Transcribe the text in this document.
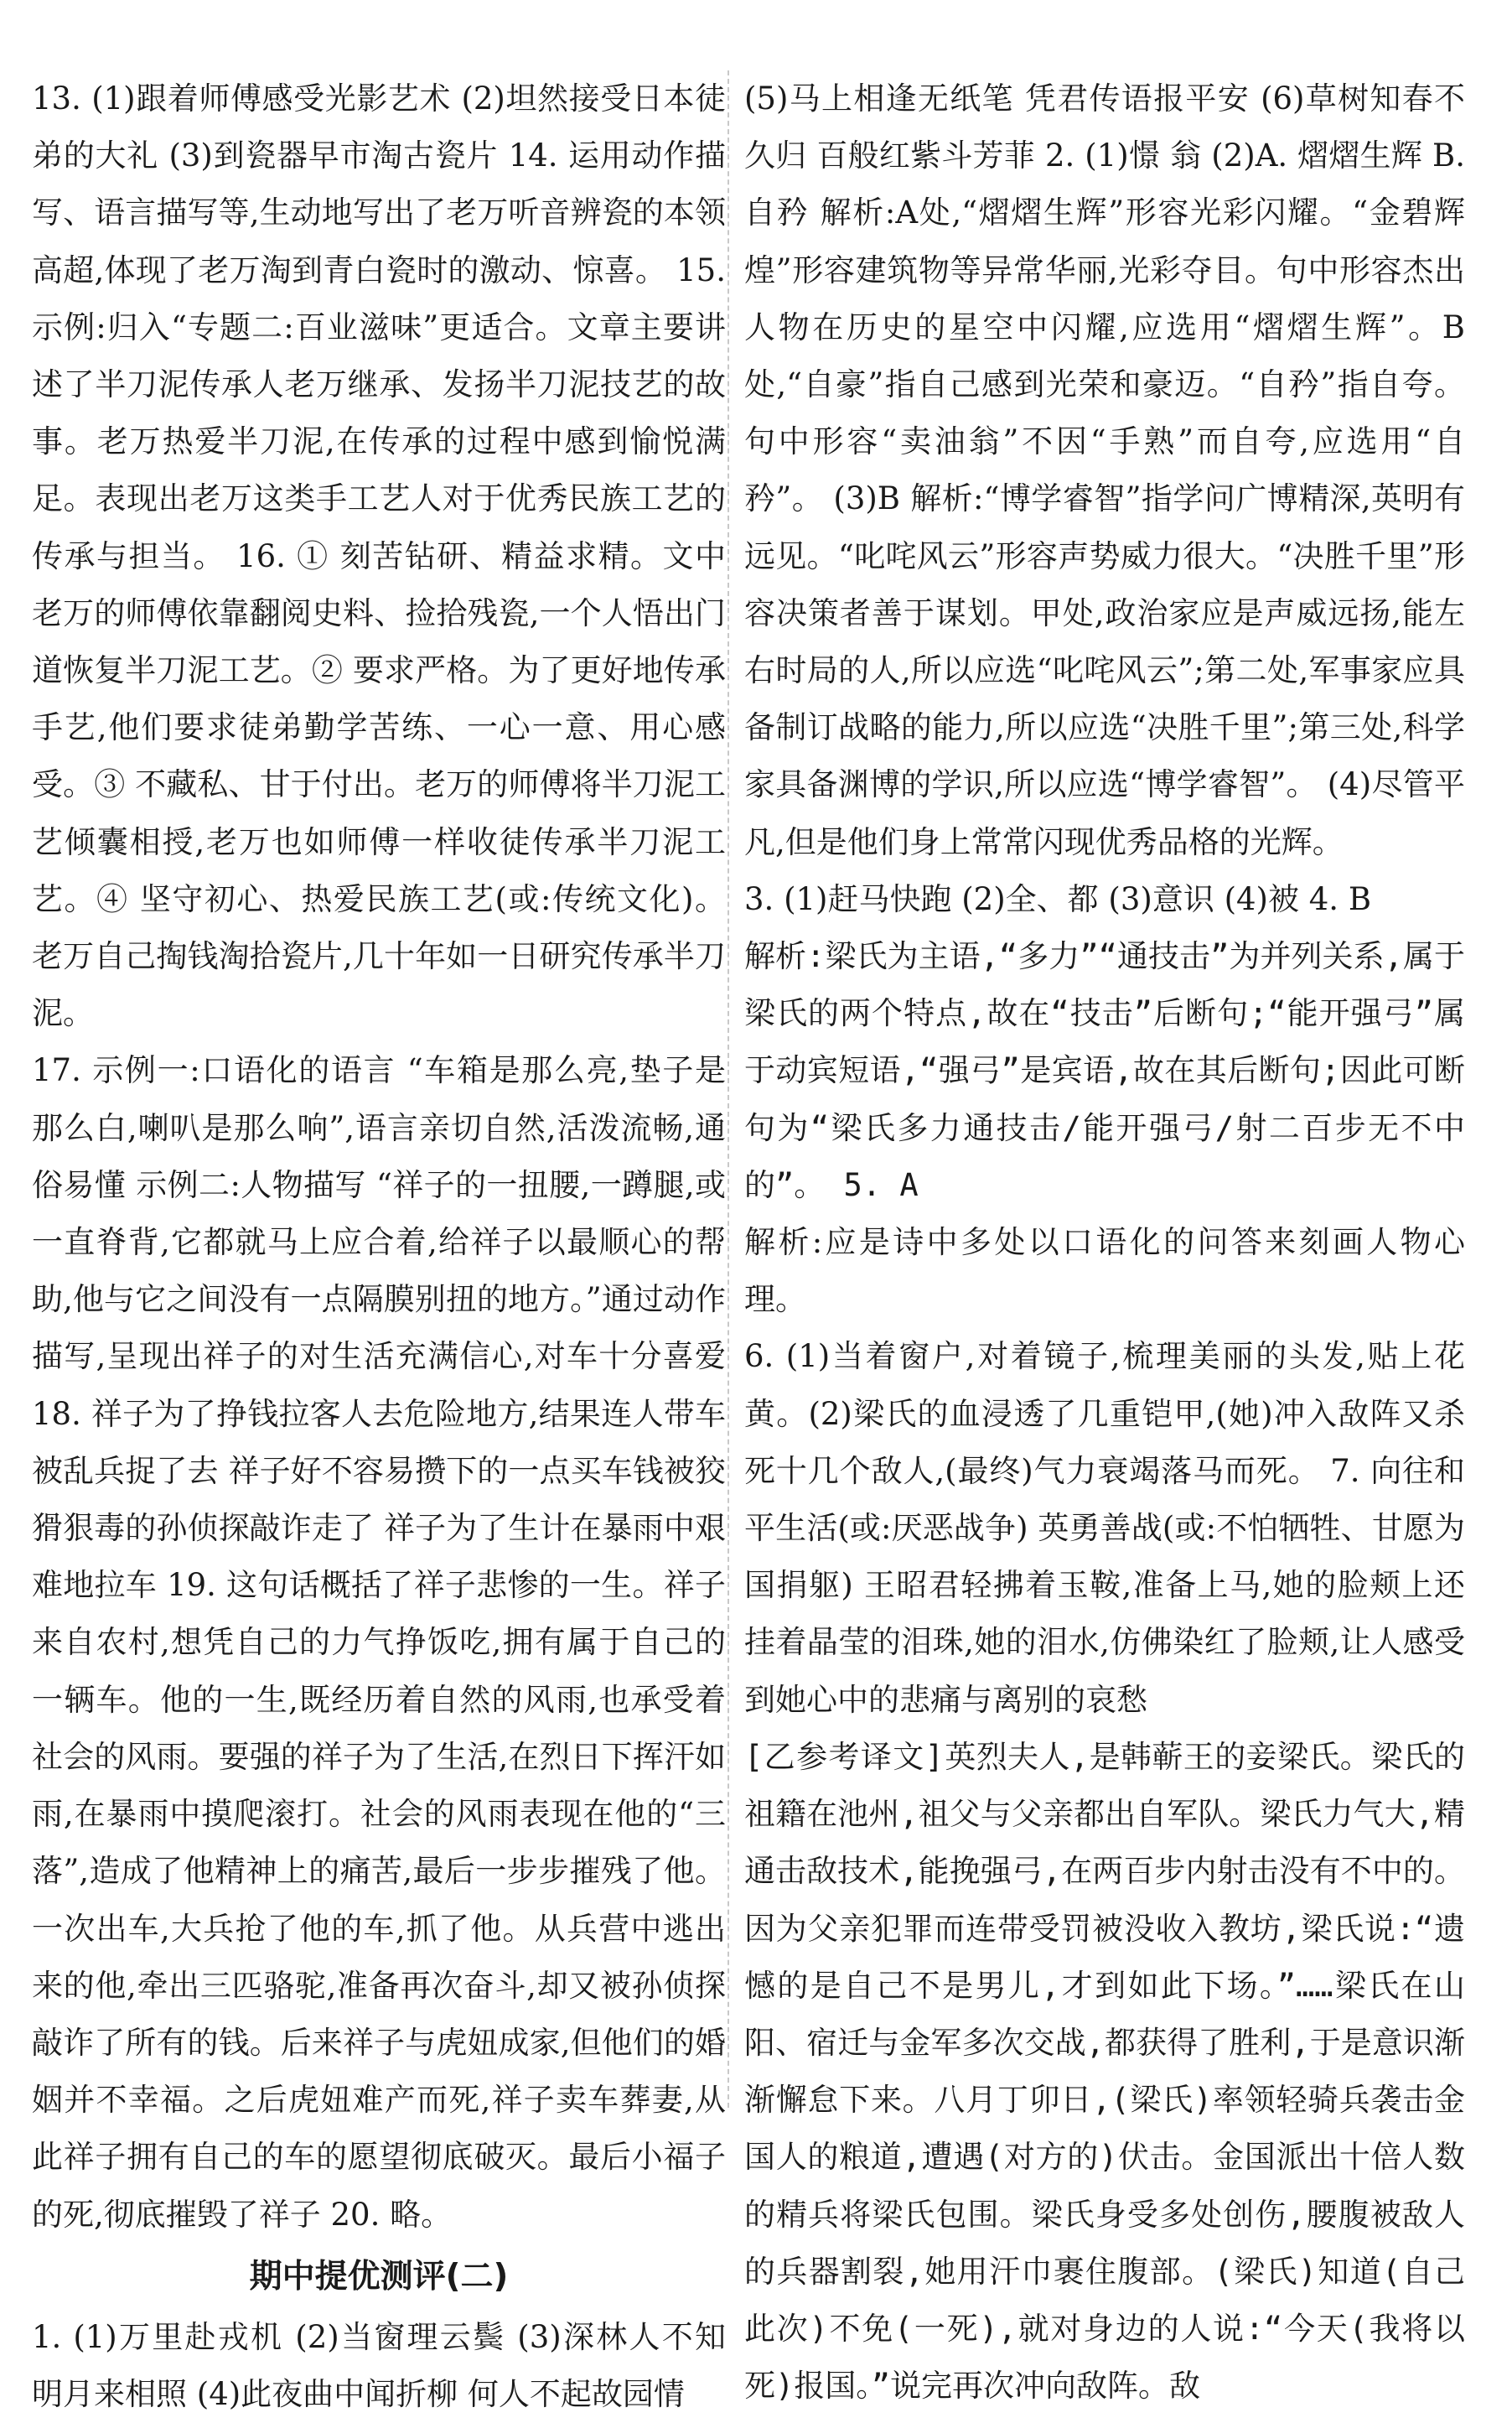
13. (1)跟着师傅感受光影艺术 (2)坦然接受日本徒弟的大礼 (3)到瓷器早市淘古瓷片 14. 运用动作描写、语言描写等,生动地写出了老万听音辨瓷的本领高超,体现了老万淘到青白瓷时的激动、惊喜。 15. 示例:归入“专题二:百业滋味”更适合。文章主要讲述了半刀泥传承人老万继承、发扬半刀泥技艺的故事。老万热爱半刀泥,在传承的过程中感到愉悦满足。表现出老万这类手工艺人对于优秀民族工艺的传承与担当。 16. ① 刻苦钻研、精益求精。文中老万的师傅依靠翻阅史料、捡拾残瓷,一个人悟出门道恢复半刀泥工艺。② 要求严格。为了更好地传承手艺,他们要求徒弟勤学苦练、一心一意、用心感受。③ 不藏私、甘于付出。老万的师傅将半刀泥工艺倾囊相授,老万也如师傅一样收徒传承半刀泥工艺。④ 坚守初心、热爱民族工艺(或:传统文化)。老万自己掏钱淘拾瓷片,几十年如一日研究传承半刀泥。

17. 示例一:口语化的语言 “车箱是那么亮,垫子是那么白,喇叭是那么响”,语言亲切自然,活泼流畅,通俗易懂 示例二:人物描写 “祥子的一扭腰,一蹲腿,或一直脊背,它都就马上应合着,给祥子以最顺心的帮助,他与它之间没有一点隔膜别扭的地方。”通过动作描写,呈现出祥子的对生活充满信心,对车十分喜爱 18. 祥子为了挣钱拉客人去危险地方,结果连人带车被乱兵捉了去 祥子好不容易攒下的一点买车钱被狡猾狠毒的孙侦探敲诈走了 祥子为了生计在暴雨中艰难地拉车 19. 这句话概括了祥子悲惨的一生。祥子来自农村,想凭自己的力气挣饭吃,拥有属于自己的一辆车。他的一生,既经历着自然的风雨,也承受着社会的风雨。要强的祥子为了生活,在烈日下挥汗如雨,在暴雨中摸爬滚打。社会的风雨表现在他的“三落”,造成了他精神上的痛苦,最后一步步摧残了他。一次出车,大兵抢了他的车,抓了他。从兵营中逃出来的他,牵出三匹骆驼,准备再次奋斗,却又被孙侦探敲诈了所有的钱。后来祥子与虎妞成家,但他们的婚姻并不幸福。之后虎妞难产而死,祥子卖车葬妻,从此祥子拥有自己的车的愿望彻底破灭。最后小福子的死,彻底摧毁了祥子 20. 略。

期中提优测评(二)

1. (1)万里赴戎机 (2)当窗理云鬓 (3)深林人不知 明月来相照 (4)此夜曲中闻折柳 何人不起故园情

(5)马上相逢无纸笔 凭君传语报平安 (6)草树知春不久归 百般红紫斗芳菲 2. (1)憬 翁 (2)A. 熠熠生辉 B. 自矜 解析:A处,“熠熠生辉”形容光彩闪耀。“金碧辉煌”形容建筑物等异常华丽,光彩夺目。句中形容杰出人物在历史的星空中闪耀,应选用“熠熠生辉”。B处,“自豪”指自己感到光荣和豪迈。“自矜”指自夸。句中形容“卖油翁”不因“手熟”而自夸,应选用“自矜”。 (3)B 解析:“博学睿智”指学问广博精深,英明有远见。“叱咤风云”形容声势威力很大。“决胜千里”形容决策者善于谋划。甲处,政治家应是声威远扬,能左右时局的人,所以应选“叱咤风云”;第二处,军事家应具备制订战略的能力,所以应选“决胜千里”;第三处,科学家具备渊博的学识,所以应选“博学睿智”。 (4)尽管平凡,但是他们身上常常闪现优秀品格的光辉。

3. (1)赶马快跑 (2)全、都 (3)意识 (4)被 4. B

解析:梁氏为主语,“多力”“通技击”为并列关系,属于梁氏的两个特点,故在“技击”后断句;“能开强弓”属于动宾短语,“强弓”是宾语,故在其后断句;因此可断句为“梁氏多力通技击/能开强弓/射二百步无不中的”。 5. A

解析:应是诗中多处以口语化的问答来刻画人物心理。

6. (1)当着窗户,对着镜子,梳理美丽的头发,贴上花黄。(2)梁氏的血浸透了几重铠甲,(她)冲入敌阵又杀死十几个敌人,(最终)气力衰竭落马而死。 7. 向往和平生活(或:厌恶战争) 英勇善战(或:不怕牺牲、甘愿为国捐躯) 王昭君轻拂着玉鞍,准备上马,她的脸颊上还挂着晶莹的泪珠,她的泪水,仿佛染红了脸颊,让人感受到她心中的悲痛与离别的哀愁

[乙参考译文]英烈夫人,是韩蕲王的妾梁氏。梁氏的祖籍在池州,祖父与父亲都出自军队。梁氏力气大,精通击敌技术,能挽强弓,在两百步内射击没有不中的。因为父亲犯罪而连带受罚被没收入教坊,梁氏说:“遗憾的是自己不是男儿,才到如此下场。”……梁氏在山阳、宿迁与金军多次交战,都获得了胜利,于是意识渐渐懈怠下来。八月丁卯日,(梁氏)率领轻骑兵袭击金国人的粮道,遭遇(对方的)伏击。金国派出十倍人数的精兵将梁氏包围。梁氏身受多处创伤,腰腹被敌人的兵器割裂,她用汗巾裹住腹部。(梁氏)知道(自己此次)不免(一死),就对身边的人说:“今天(我将以死)报国。”说完再次冲向敌阵。敌
